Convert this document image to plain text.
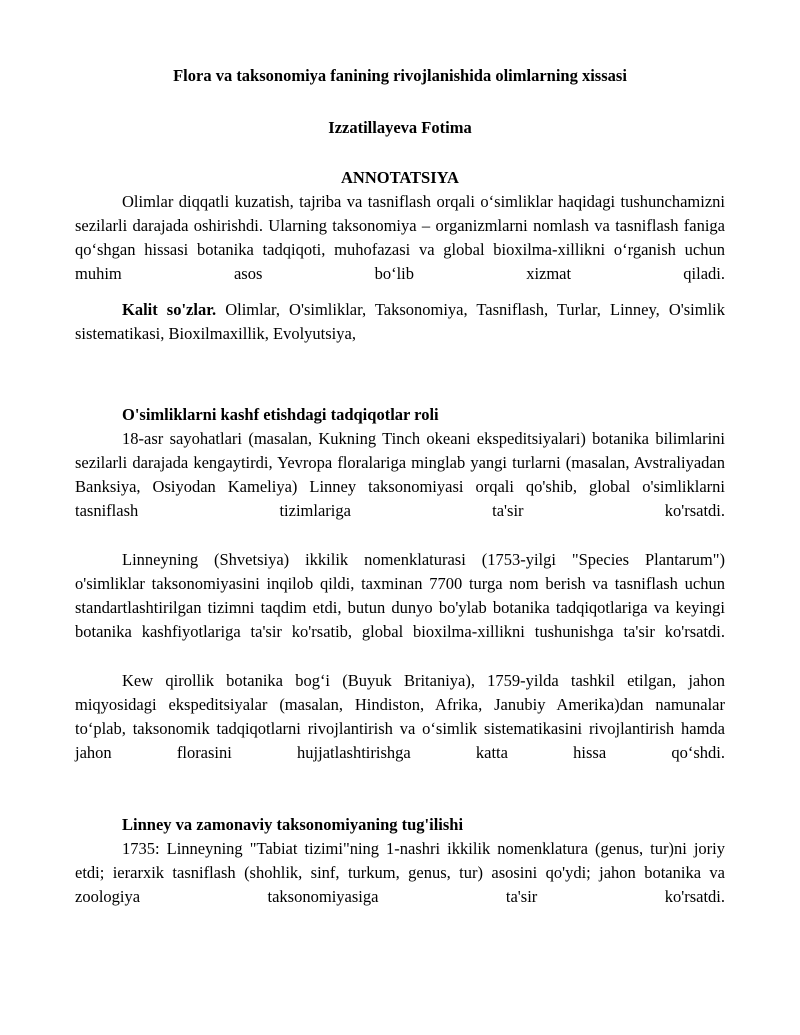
Flora va taksonomiya fanining rivojlanishida olimlarning xissasi
Izzatillayeva Fotima
ANNOTATSIYA

Olimlar diqqatli kuzatish, tajriba va tasniflash orqali o‘simliklar haqidagi tushunchamizni sezilarli darajada oshirishdi. Ularning taksonomiya – organizmlarni nomlash va tasniflash faniga qo‘shgan hissasi botanika tadqiqoti, muhofazasi va global bioxilma-xillikni o‘rganish uchun muhim asos bo‘lib xizmat qiladi.

Kalit so'zlar. Olimlar, O'simliklar, Taksonomiya, Tasniflash, Turlar, Linney, O'simlik sistematikasi, Bioxilmaxillik, Evolyutsiya,

O'simliklarni kashf etishdagi tadqiqotlar roli

18-asr sayohatlari (masalan, Kukning Tinch okeani ekspeditsiyalari) botanika bilimlarini sezilarli darajada kengaytirdi, Yevropa floralariga minglab yangi turlarni (masalan, Avstraliyadan Banksiya, Osiyodan Kameliya) Linney taksonomiyasi orqali qo'shib, global o'simliklarni tasniflash tizimlariga ta'sir ko'rsatdi.

Linneyning (Shvetsiya) ikkilik nomenklaturasi (1753-yilgi "Species Plantarum") o'simliklar taksonomiyasini inqilob qildi, taxminan 7700 turga nom berish va tasniflash uchun standartlashtirilgan tizimni taqdim etdi, butun dunyo bo'ylab botanika tadqiqotlariga va keyingi botanika kashfiyotlariga ta'sir ko'rsatib, global bioxilma-xillikni tushunishga ta'sir ko'rsatdi.

Kew qirollik botanika bog‘i (Buyuk Britaniya), 1759-yilda tashkil etilgan, jahon miqyosidagi ekspeditsiyalar (masalan, Hindiston, Afrika, Janubiy Amerika)dan namunalar to‘plab, taksonomik tadqiqotlarni rivojlantirish va o‘simlik sistematikasini rivojlantirish hamda jahon florasini hujjatlashtirishga katta hissa qo‘shdi.

Linney va zamonaviy taksonomiyaning tug'ilishi

1735: Linneyning "Tabiat tizimi"ning 1-nashri ikkilik nomenklatura (genus, tur)ni joriy etdi; ierarxik tasniflash (shohlik, sinf, turkum, genus, tur) asosini qo'ydi; jahon botanika va zoologiya taksonomiyasiga ta'sir ko'rsatdi.
